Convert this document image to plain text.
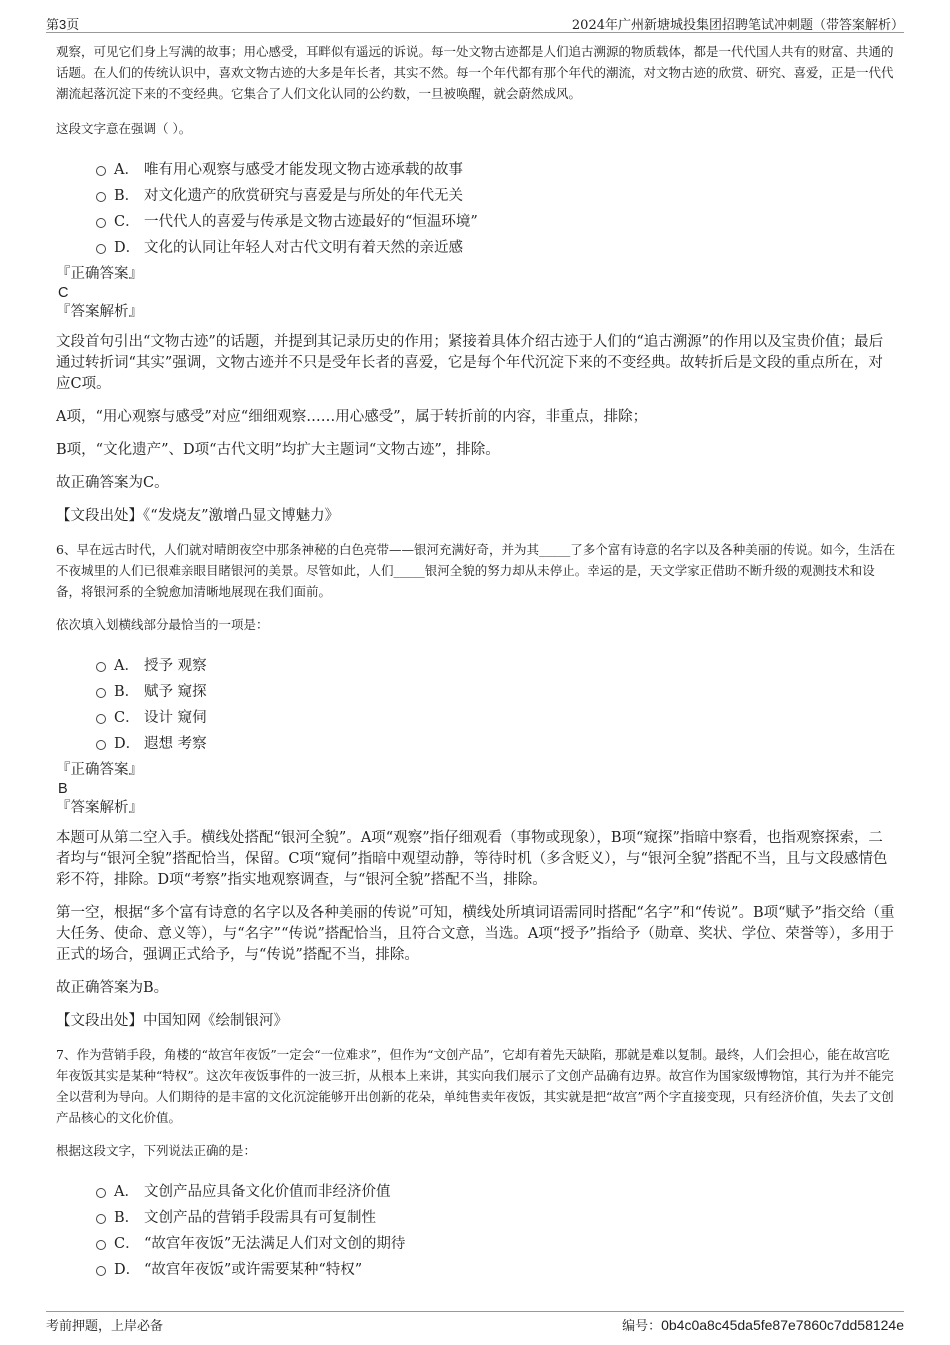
第3页	2024年广州新塘城投集团招聘笔试冲刺题（带答案解析）

观察，可见它们身上写满的故事；用心感受，耳畔似有遥远的诉说。每一处文物古迹都是人们追古溯源的物质载体，都是一代代国人共有的财富、共通的话题。在人们的传统认识中，喜欢文物古迹的大多是年长者，其实不然。每一个年代都有那个年代的潮流，对文物古迹的欣赏、研究、喜爱，正是一代代潮流起落沉淀下来的不变经典。它集合了人们文化认同的公约数，一旦被唤醒，就会蔚然成风。

这段文字意在强调（ ）。

A． 唯有用心观察与感受才能发现文物古迹承载的故事
B． 对文化遗产的欣赏研究与喜爱是与所处的年代无关
C． 一代代人的喜爱与传承是文物古迹最好的“恒温环境”
D． 文化的认同让年轻人对古代文明有着天然的亲近感

『正确答案』

C

『答案解析』

文段首句引出“文物古迹”的话题，并提到其记录历史的作用；紧接着具体介绍古迹于人们的“追古溯源”的作用以及宝贵价值；最后通过转折词“其实”强调，文物古迹并不只是受年长者的喜爱，它是每个年代沉淀下来的不变经典。故转折后是文段的重点所在，对应C项。

A项，“用心观察与感受”对应“细细观察……用心感受”，属于转折前的内容，非重点，排除；

B项，“文化遗产”、D项“古代文明”均扩大主题词“文物古迹”，排除。

故正确答案为C。

【文段出处】《“发烧友”激增凸显文博魅力》

6、早在远古时代，人们就对晴朗夜空中那条神秘的白色亮带——银河充满好奇，并为其_____了多个富有诗意的名字以及各种美丽的传说。如今，生活在不夜城里的人们已很难亲眼目睹银河的美景。尽管如此，人们_____银河全貌的努力却从未停止。幸运的是，天文学家正借助不断升级的观测技术和设备，将银河系的全貌愈加清晰地展现在我们面前。

依次填入划横线部分最恰当的一项是：

A． 授予 观察
B． 赋予 窥探
C． 设计 窥伺
D． 遐想 考察

『正确答案』

B

『答案解析』

本题可从第二空入手。横线处搭配“银河全貌”。A项“观察”指仔细观看（事物或现象），B项“窥探”指暗中察看，也指观察探索，二者均与“银河全貌”搭配恰当，保留。C项“窥伺”指暗中观望动静，等待时机（多含贬义），与“银河全貌”搭配不当，且与文段感情色彩不符，排除。D项“考察”指实地观察调查，与“银河全貌”搭配不当，排除。

第一空，根据“多个富有诗意的名字以及各种美丽的传说”可知，横线处所填词语需同时搭配“名字”和“传说”。B项“赋予”指交给（重大任务、使命、意义等），与“名字”“传说”搭配恰当，且符合文意，当选。A项“授予”指给予（勋章、奖状、学位、荣誉等），多用于正式的场合，强调正式给予，与“传说”搭配不当，排除。

故正确答案为B。

【文段出处】中国知网《绘制银河》

7、作为营销手段，角楼的“故宫年夜饭”一定会“一位难求”，但作为“文创产品”，它却有着先天缺陷，那就是难以复制。最终，人们会担心，能在故宫吃年夜饭其实是某种“特权”。这次年夜饭事件的一波三折，从根本上来讲，其实向我们展示了文创产品确有边界。故宫作为国家级博物馆，其行为并不能完全以营利为导向。人们期待的是丰富的文化沉淀能够开出创新的花朵，单纯售卖年夜饭，其实就是把“故宫”两个字直接变现，只有经济价值，失去了文创产品核心的文化价值。

根据这段文字，下列说法正确的是：

A． 文创产品应具备文化价值而非经济价值
B． 文创产品的营销手段需具有可复制性
C． “故宫年夜饭”无法满足人们对文创的期待
D． “故宫年夜饭”或许需要某种“特权”
考前押题，上岸必备	编号：0b4c0a8c45da5fe87e7860c7dd58124e
